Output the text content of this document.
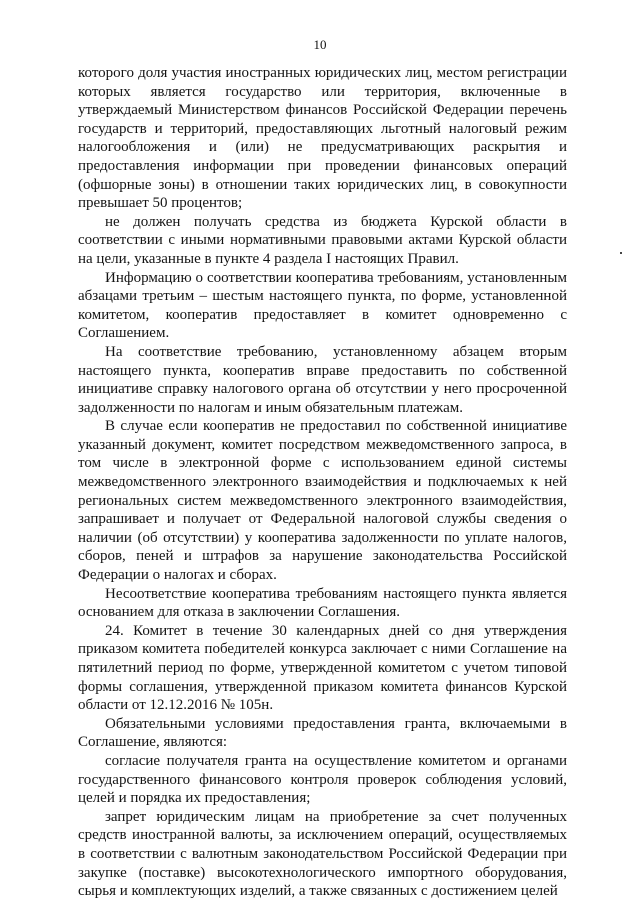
10

которого доля участия иностранных юридических лиц, местом регистрации которых является государство или территория, включенные в утверждаемый Министерством финансов Российской Федерации перечень государств и территорий, предоставляющих льготный налоговый режим налогообложения и (или) не предусматривающих раскрытия и предоставления информации при проведении финансовых операций (офшорные зоны) в отношении таких юридических лиц, в совокупности превышает 50 процентов;

не должен получать средства из бюджета Курской области в соответствии с иными нормативными правовыми актами Курской области на цели, указанные в пункте 4 раздела I настоящих Правил.

Информацию о соответствии кооператива требованиям, установленным абзацами третьим – шестым настоящего пункта, по форме, установленной комитетом, кооператив предоставляет в комитет одновременно с Соглашением.

На соответствие требованию, установленному абзацем вторым настоящего пункта, кооператив вправе предоставить по собственной инициативе справку налогового органа об отсутствии у него просроченной задолженности по налогам и иным обязательным платежам.

В случае если кооператив не предоставил по собственной инициативе указанный документ, комитет посредством межведомственного запроса, в том числе в электронной форме с использованием единой системы межведомственного электронного взаимодействия и подключаемых к ней региональных систем межведомственного электронного взаимодействия, запрашивает и получает от Федеральной налоговой службы сведения о наличии (об отсутствии) у кооператива задолженности по уплате налогов, сборов, пеней и штрафов за нарушение законодательства Российской Федерации о налогах и сборах.

Несоответствие кооператива требованиям настоящего пункта является основанием для отказа в заключении Соглашения.

24. Комитет в течение 30 календарных дней со дня утверждения приказом комитета победителей конкурса заключает с ними Соглашение на пятилетний период по форме, утвержденной комитетом с учетом типовой формы соглашения, утвержденной приказом комитета финансов Курской области от 12.12.2016 № 105н.

Обязательными условиями предоставления гранта, включаемыми в Соглашение, являются:

согласие получателя гранта на осуществление комитетом и органами государственного финансового контроля проверок соблюдения условий, целей и порядка их предоставления;

запрет юридическим лицам на приобретение за счет полученных средств иностранной валюты, за исключением операций, осуществляемых в соответствии с валютным законодательством Российской Федерации при закупке (поставке) высокотехнологического импортного оборудования, сырья и комплектующих изделий, а также связанных с достижением целей
